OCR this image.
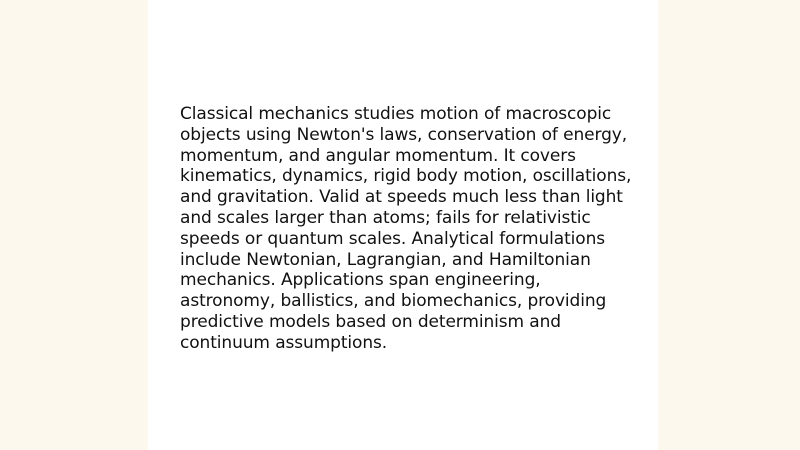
Classical mechanics studies motion of macroscopic objects using Newton's laws, conservation of energy, momentum, and angular momentum. It covers kinematics, dynamics, rigid body motion, oscillations, and gravitation. Valid at speeds much less than light and scales larger than atoms; fails for relativistic speeds or quantum scales. Analytical formulations include Newtonian, Lagrangian, and Hamiltonian mechanics. Applications span engineering, astronomy, ballistics, and biomechanics, providing predictive models based on determinism and continuum assumptions.
